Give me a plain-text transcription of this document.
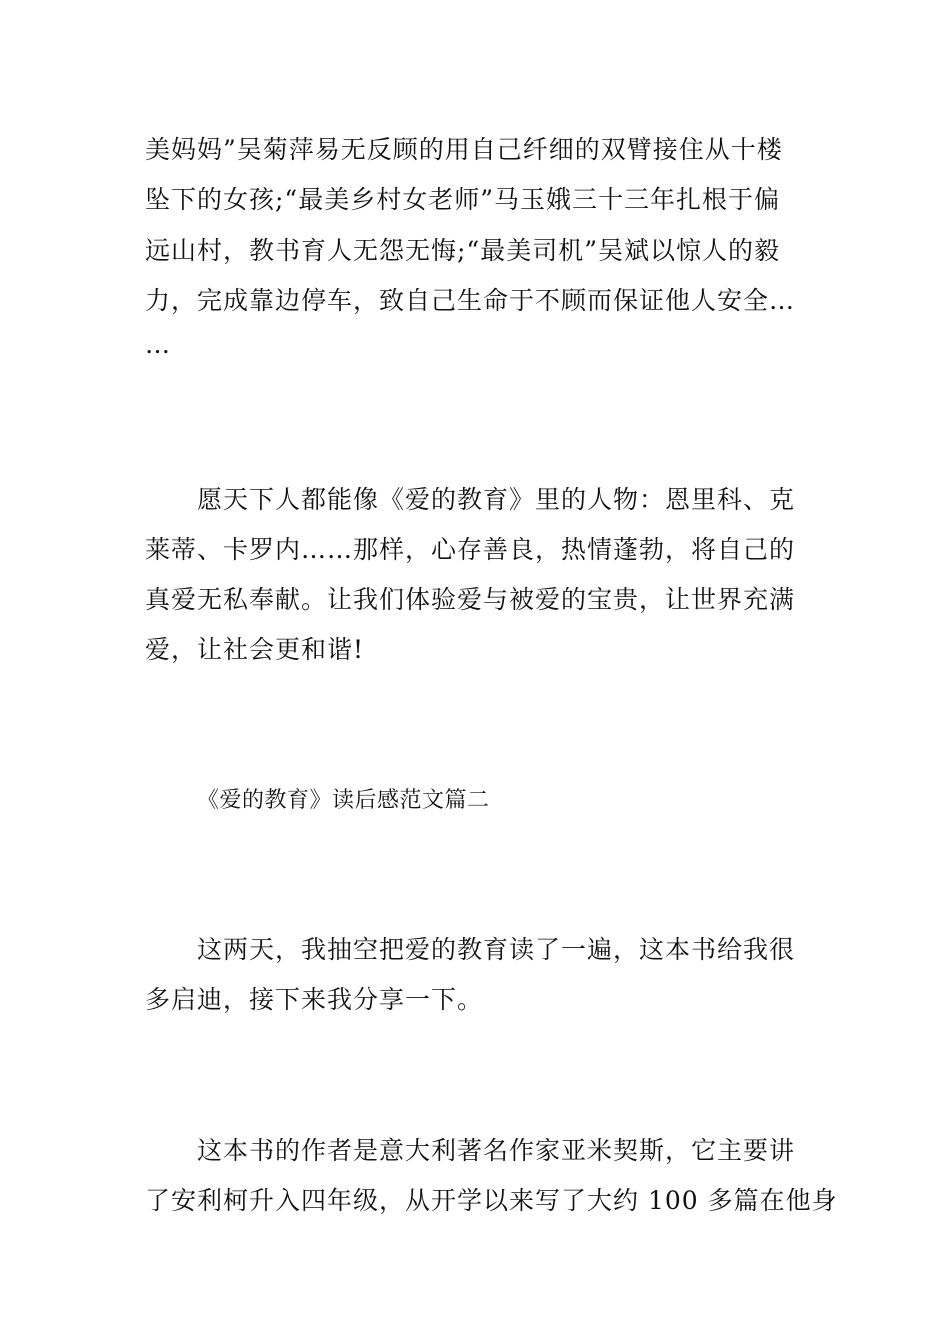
美妈妈”吴菊萍易无反顾的用自己纤细的双臂接住从十楼
坠下的女孩;“最美乡村女老师”马玉娥三十三年扎根于偏
远山村，教书育人无怨无悔;“最美司机”吴斌以惊人的毅
力，完成靠边停车，致自己生命于不顾而保证他人安全…
…
愿天下人都能像《爱的教育》里的人物：恩里科、克
莱蒂、卡罗内……那样，心存善良，热情蓬勃，将自己的
真爱无私奉献。让我们体验爱与被爱的宝贵，让世界充满
爱，让社会更和谐!
《爱的教育》读后感范文篇二
这两天，我抽空把爱的教育读了一遍，这本书给我很
多启迪，接下来我分享一下。
这本书的作者是意大利著名作家亚米契斯，它主要讲
了安利柯升入四年级，从开学以来写了大约 100 多篇在他身
